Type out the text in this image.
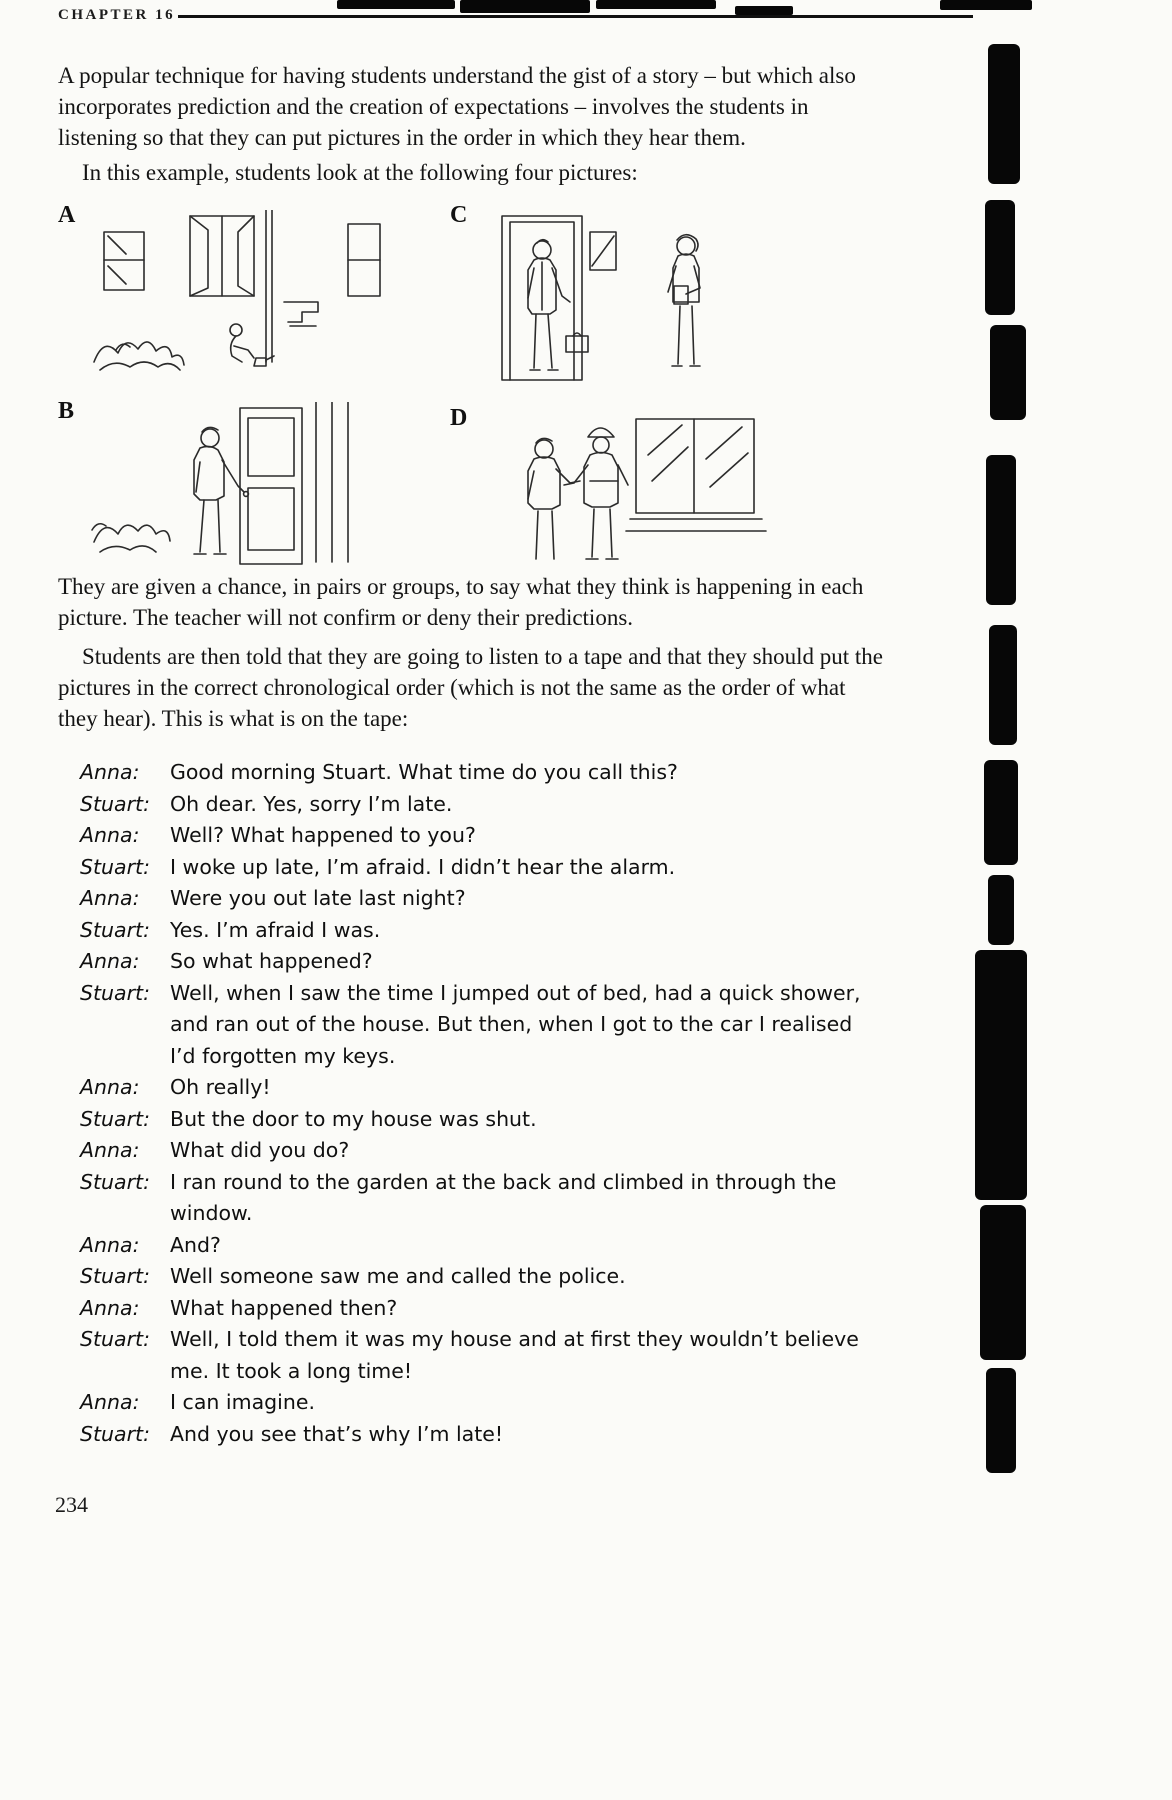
CHAPTER 16
A popular technique for having students understand the gist of a story – but which also incorporates prediction and the creation of expectations – involves the students in listening so that they can put pictures in the order in which they hear them.
In this example, students look at the following four pictures:
A	C
B	D
They are given a chance, in pairs or groups, to say what they think is happening in each picture. The teacher will not confirm or deny their predictions.
Students are then told that they are going to listen to a tape and that they should put the pictures in the correct chronological order (which is not the same as the order of what they hear). This is what is on the tape:
Anna:	Good morning Stuart. What time do you call this?
Stuart: Oh dear. Yes, sorry I’m late.
Anna:	Well? What happened to you?
Stuart: I woke up late, I’m afraid. I didn’t hear the alarm.
Anna:	Were you out late last night?
Stuart: Yes. I’m afraid I was.
Anna:	So what happened?
Stuart: Well, when I saw the time I jumped out of bed, had a quick shower, and ran out of the house. But then, when I got to the car I realised I’d forgotten my keys.
Anna:	Oh really!
Stuart: But the door to my house was shut.
Anna:	What did you do?
Stuart: I ran round to the garden at the back and climbed in through the window.
Anna:	And?
Stuart: Well someone saw me and called the police.
Anna:	What happened then?
Stuart: Well, I told them it was my house and at first they wouldn’t believe me. It took a long time!
Anna:	I can imagine.
Stuart: And you see that’s why I’m late!
234
